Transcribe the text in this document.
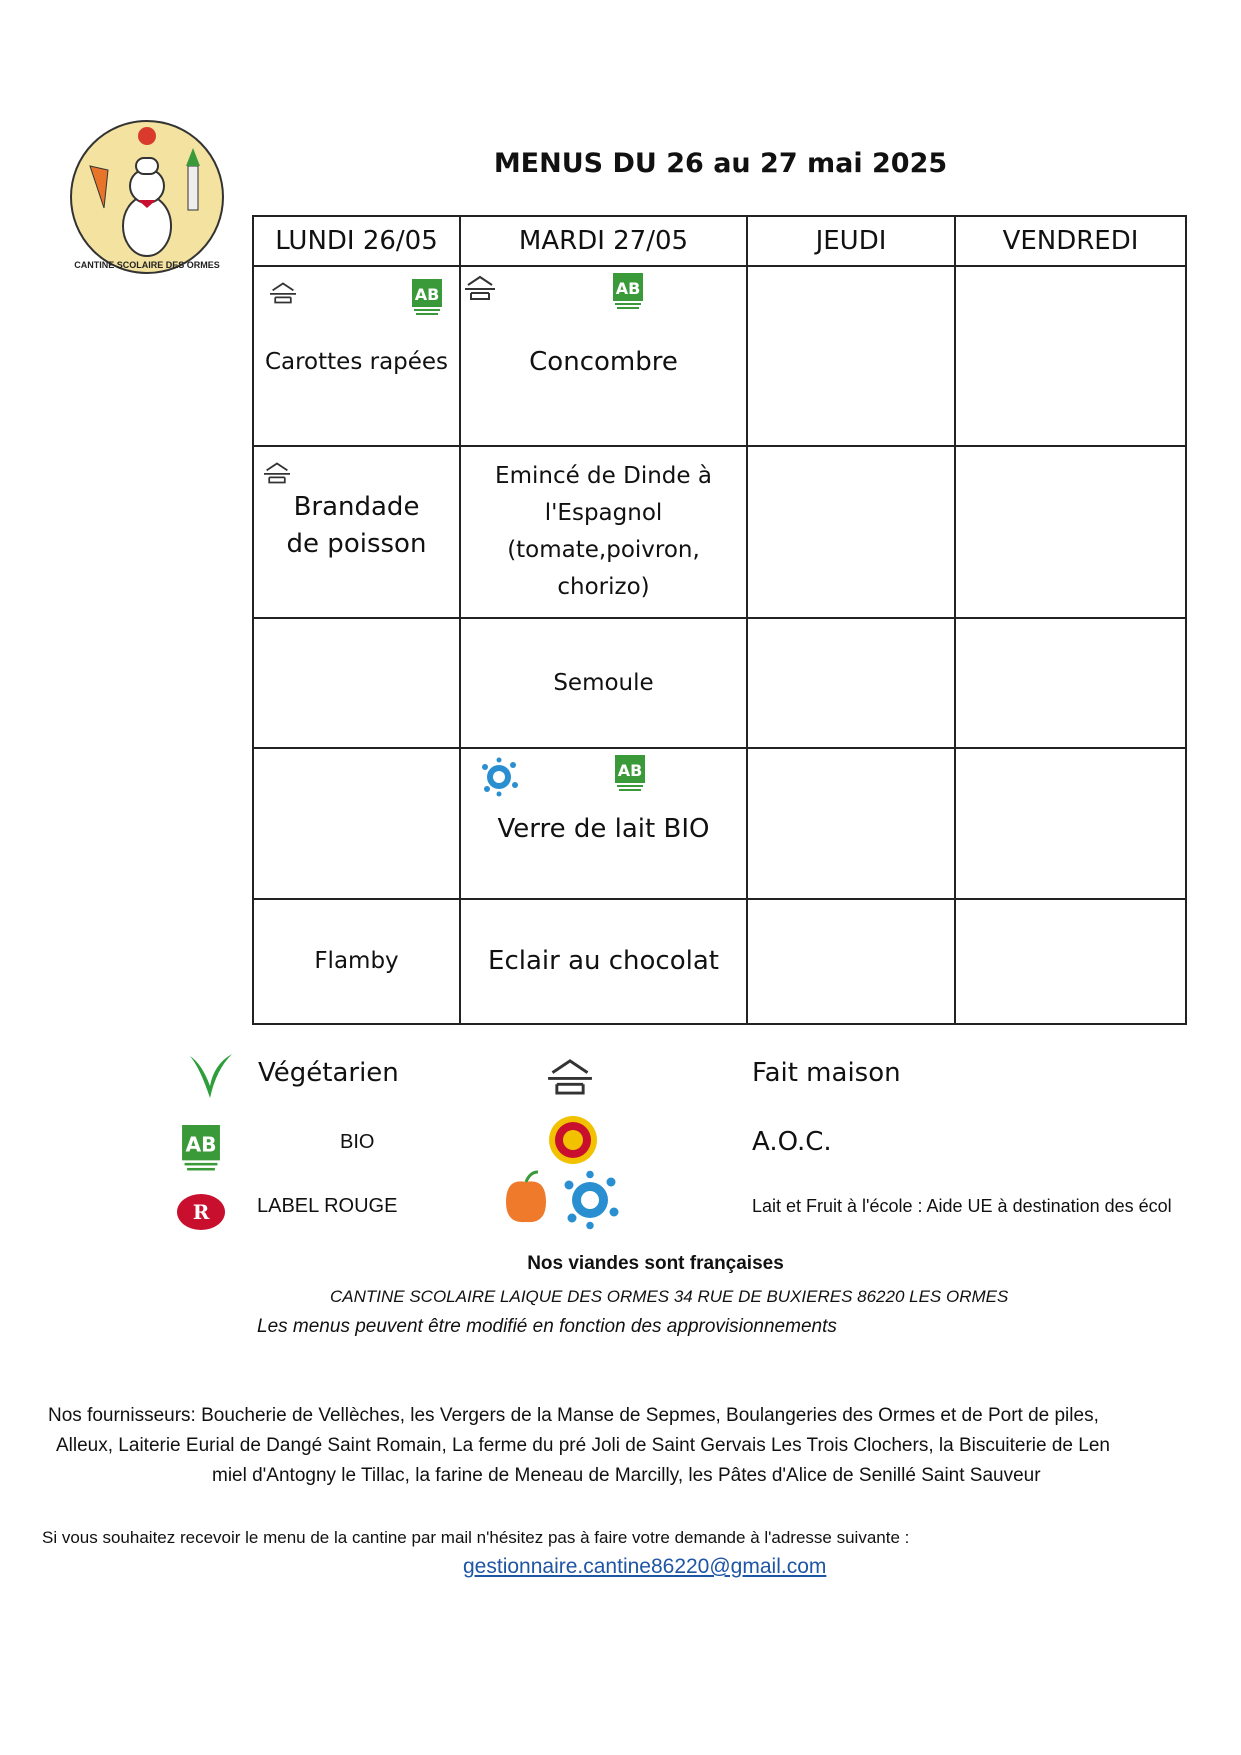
CANTINE SCOLAIRE DES ORMES
MENUS DU 26 au 27 mai 2025
LUNDI 26/05	MARDI 27/05	JEUDI	VENDREDI

Carottes rapées	Concombre		

Brandade de poisson	Emincé de Dinde à l'Espagnol (tomate,poivron, chorizo)		

	Semoule		

	Verre de lait BIO		

Flamby	Eclair au chocolat		

Végétarien	Fait maison
BIO	A.O.C.
R LABEL ROUGE	Lait et Fruit à l'école : Aide UE à destination des écol
Nos viandes sont françaises
CANTINE SCOLAIRE LAIQUE DES ORMES 34 RUE DE BUXIERES 86220 LES ORMES
Les menus peuvent être modifié en fonction des approvisionnements
Nos fournisseurs: Boucherie de Vellèches, les Vergers de la Manse de Sepmes, Boulangeries des Ormes et de Port de piles,
Alleux, Laiterie Eurial de Dangé Saint Romain, La ferme du pré Joli de Saint Gervais Les Trois Clochers, la Biscuiterie de Len
miel d'Antogny le Tillac, la farine de Meneau de Marcilly, les Pâtes d'Alice de Senillé Saint Sauveur
Si vous souhaitez recevoir le menu de la cantine par mail n'hésitez pas à faire votre demande à l'adresse suivante :
gestionnaire.cantine86220@gmail.com
